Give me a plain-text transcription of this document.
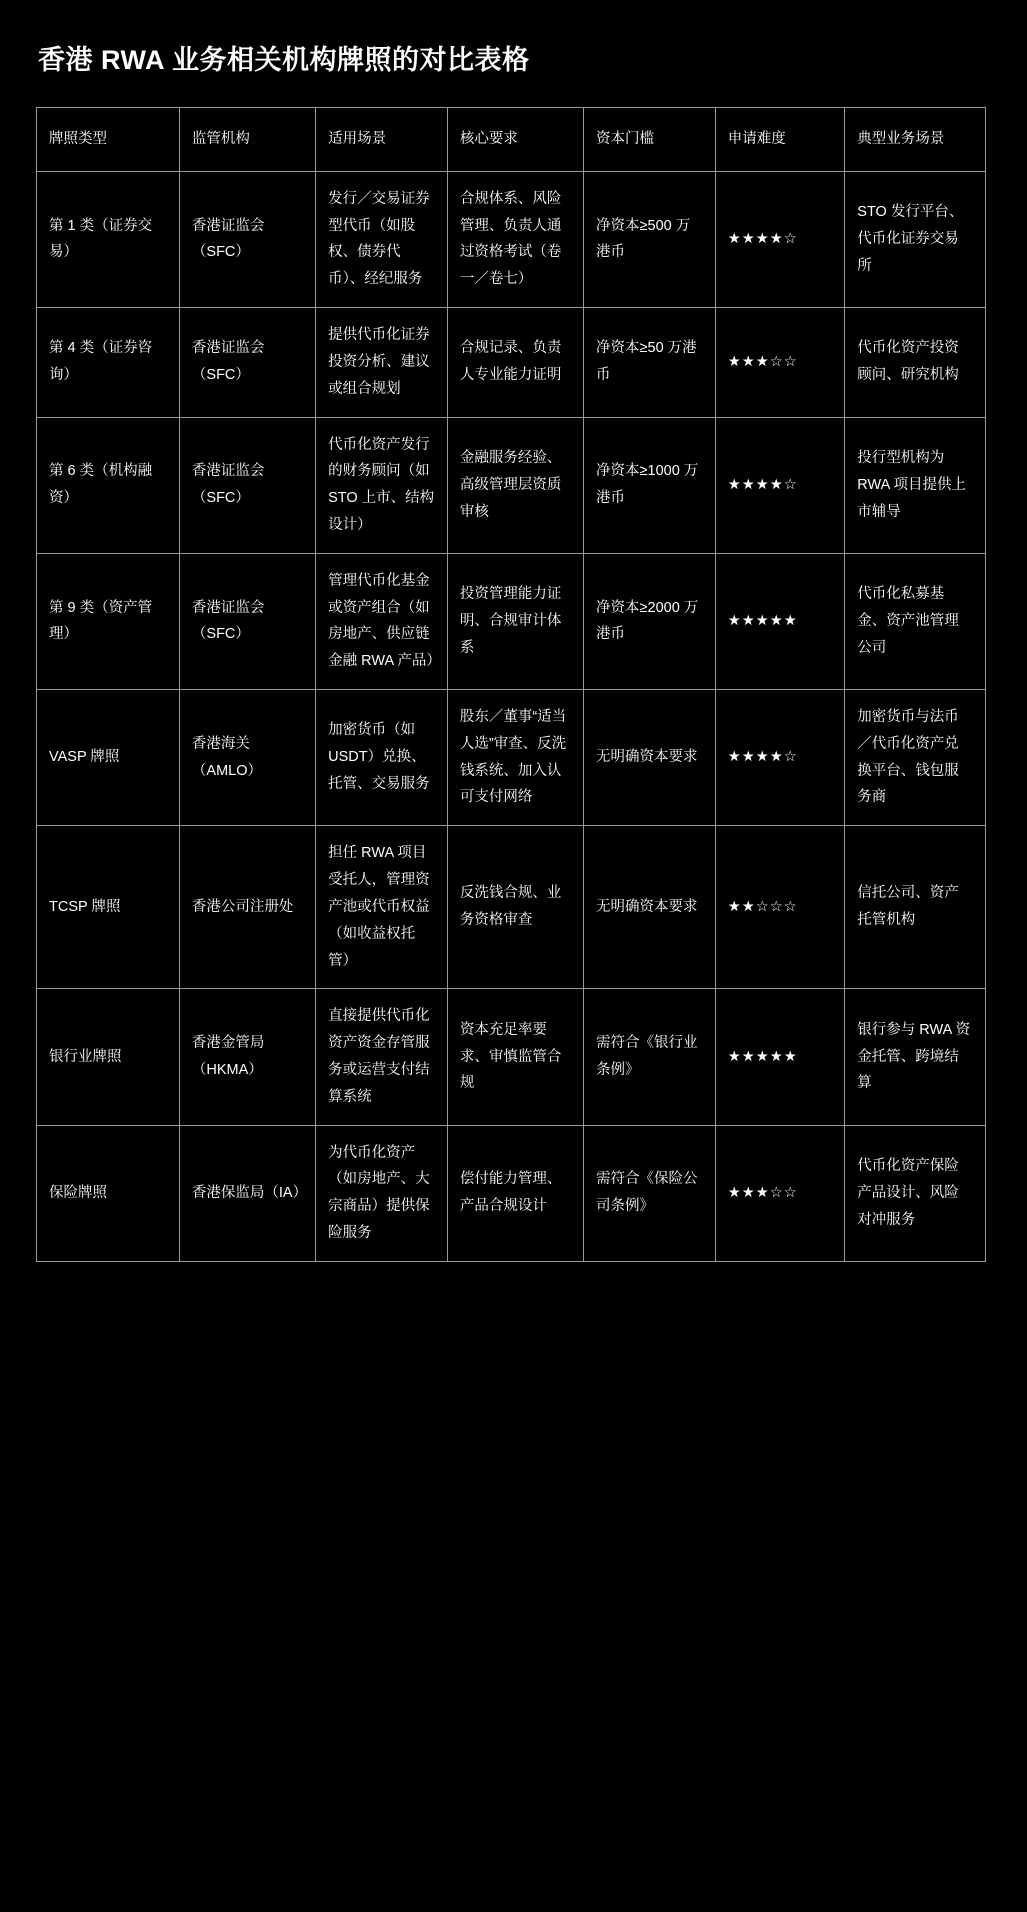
香港 RWA 业务相关机构牌照的对比表格
牌照类型	监管机构	适用场景	核心要求	资本门槛	申请难度	典型业务场景
第 1 类（证券交易）	香港证监会（SFC）	发行／交易证券型代币（如股权、债券代币）、经纪服务	合规体系、风险管理、负责人通过资格考试（卷一／卷七）	净资本≥500 万港币	★★★★☆	STO 发行平台、代币化证券交易所
第 4 类（证券咨询）	香港证监会（SFC）	提供代币化证券投资分析、建议或组合规划	合规记录、负责人专业能力证明	净资本≥50 万港币	★★★☆☆	代币化资产投资顾问、研究机构
第 6 类（机构融资）	香港证监会（SFC）	代币化资产发行的财务顾问（如 STO 上市、结构设计）	金融服务经验、高级管理层资质审核	净资本≥1000 万港币	★★★★☆	投行型机构为 RWA 项目提供上市辅导
第 9 类（资产管理）	香港证监会（SFC）	管理代币化基金或资产组合（如房地产、供应链金融 RWA 产品）	投资管理能力证明、合规审计体系	净资本≥2000 万港币	★★★★★	代币化私募基金、资产池管理公司
VASP 牌照	香港海关（AMLO）	加密货币（如 USDT）兑换、托管、交易服务	股东／董事“适当人选”审查、反洗钱系统、加入认可支付网络	无明确资本要求	★★★★☆	加密货币与法币／代币化资产兑换平台、钱包服务商
TCSP 牌照	香港公司注册处	担任 RWA 项目受托人，管理资产池或代币权益（如收益权托管）	反洗钱合规、业务资格审查	无明确资本要求	★★☆☆☆	信托公司、资产托管机构
银行业牌照	香港金管局（HKMA）	直接提供代币化资产资金存管服务或运营支付结算系统	资本充足率要求、审慎监管合规	需符合《银行业条例》	★★★★★	银行参与 RWA 资金托管、跨境结算
保险牌照	香港保监局（IA）	为代币化资产（如房地产、大宗商品）提供保险服务	偿付能力管理、产品合规设计	需符合《保险公司条例》	★★★☆☆	代币化资产保险产品设计、风险对冲服务
